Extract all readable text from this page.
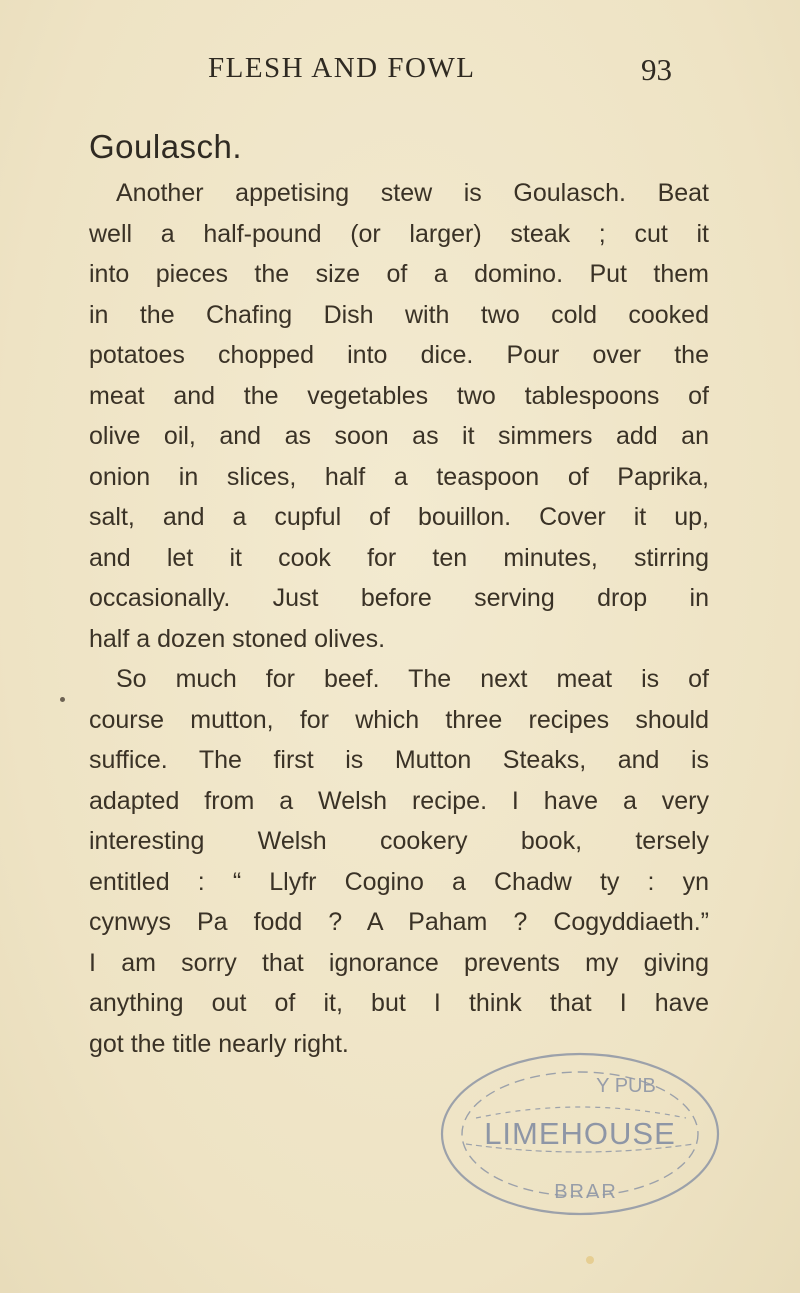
FLESH AND FOWL	93
Goulasch.
Another appetising stew is Goulasch. Beat
well a half-pound (or larger) steak ; cut it
into pieces the size of a domino. Put them
in the Chafing Dish with two cold cooked
potatoes chopped into dice. Pour over the
meat and the vegetables two tablespoons of
olive oil, and as soon as it simmers add an
onion in slices, half a teaspoon of Paprika,
salt, and a cupful of bouillon. Cover it up,
and let it cook for ten minutes, stirring
occasionally. Just before serving drop in
half a dozen stoned olives.
So much for beef. The next meat is of
course mutton, for which three recipes should
suffice. The first is Mutton Steaks, and is
adapted from a Welsh recipe. I have a very
interesting Welsh cookery book, tersely
entitled : “ Llyfr Cogino a Chadw ty : yn
cynwys Pa fodd ? A Paham ? Cogyddiaeth.”
I am sorry that ignorance prevents my giving
anything out of it, but I think that I have
got the title nearly right.
Y PUB
LIMEHOUSE
BRAR
